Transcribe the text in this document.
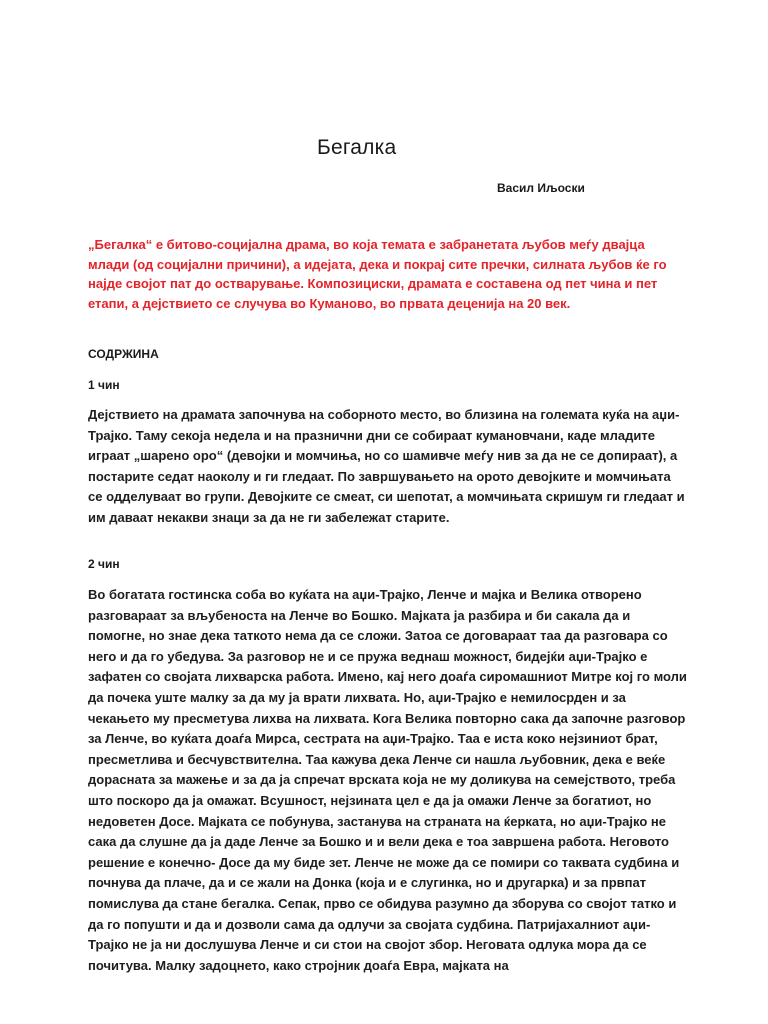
Бегалка

Васил Иљоски

„Бегалка“ е битово-социјална драма, во која темата е забранетата љубов меѓу двајца млади (од социјални причини), а идејата, дека и покрај сите пречки, силната љубов ќе го најде својот пат до остварување. Композициски, драмата е составена од пет чина и пет етапи, а дејствието се случува во Куманово, во првата деценија на 20 век.

СОДРЖИНА

1 чин

Дејствието на драмата започнува на соборното место, во близина на големата куќа на аџи-Трајко. Таму секоја недела и на празнични дни се собираат кумановчани, каде младите играат „шарено оро“ (девојки и момчиња, но со шамивче меѓу нив за да не се допираат), а постарите седат наоколу и ги гледаат. По завршувањето на орото девојките и момчињата се одделуваат во групи. Девојките се смеат, си шепотат, а момчињата скришум ги гледаат и им даваат некакви знаци за да не ги забележат старите.

2 чин

Во богатата гостинска соба во куќата на аџи-Трајко, Ленче и мајка и Велика отворено разговараат за вљубеноста на Ленче во Бошко. Мајката ја разбира и би сакала да и помогне, но знае дека таткото нема да се сложи. Затоа се договараат таа да разговара со него и да го убедува. За разговор не и се пружа веднаш можност, бидејќи аџи-Трајко е зафатен со својата лихварска работа. Имено, кај него доаѓа сиромашниот Митре кој го моли да почека уште малку за да му ја врати лихвата. Но, аџи-Трајко е немилосрден и за чекањето му пресметува лихва на лихвата. Кога Велика повторно сака да започне разговор за Ленче, во куќата доаѓа Мирса, сестрата на аџи-Трајко. Таа е иста коко нејзиниот брат, пресметлива и бесчувствителна. Таа кажува дека Ленче си нашла љубовник, дека е веќе дорасната за мажење и за да ја спречат врската која не му доликува на семејството, треба што поскоро да ја омажат. Всушност, нејзината цел е да ја омажи Ленче за богатиот, но недоветен Досе. Мајката се побунува, застанува на страната на ќерката, но аџи-Трајко не сака да слушне да ја даде Ленче за Бошко и и вели дека е тоа завршена работа. Неговото решение е конечно- Досе да му биде зет. Ленче не може да се помири со таквата судбина и почнува да плаче, да и се жали на Донка (која и е слугинка, но и другарка) и за првпат помислува да стане бегалка. Сепак, прво се обидува разумно да зборува со својот татко и да го попушти и да и дозволи сама да одлучи за својата судбина. Патријахалниот аџи-Трајко не ја ни дослушува Ленче и си стои на својот збор. Неговата одлука мора да се почитува. Малку задоцнето, како стројник доаѓа Евра, мајката на
